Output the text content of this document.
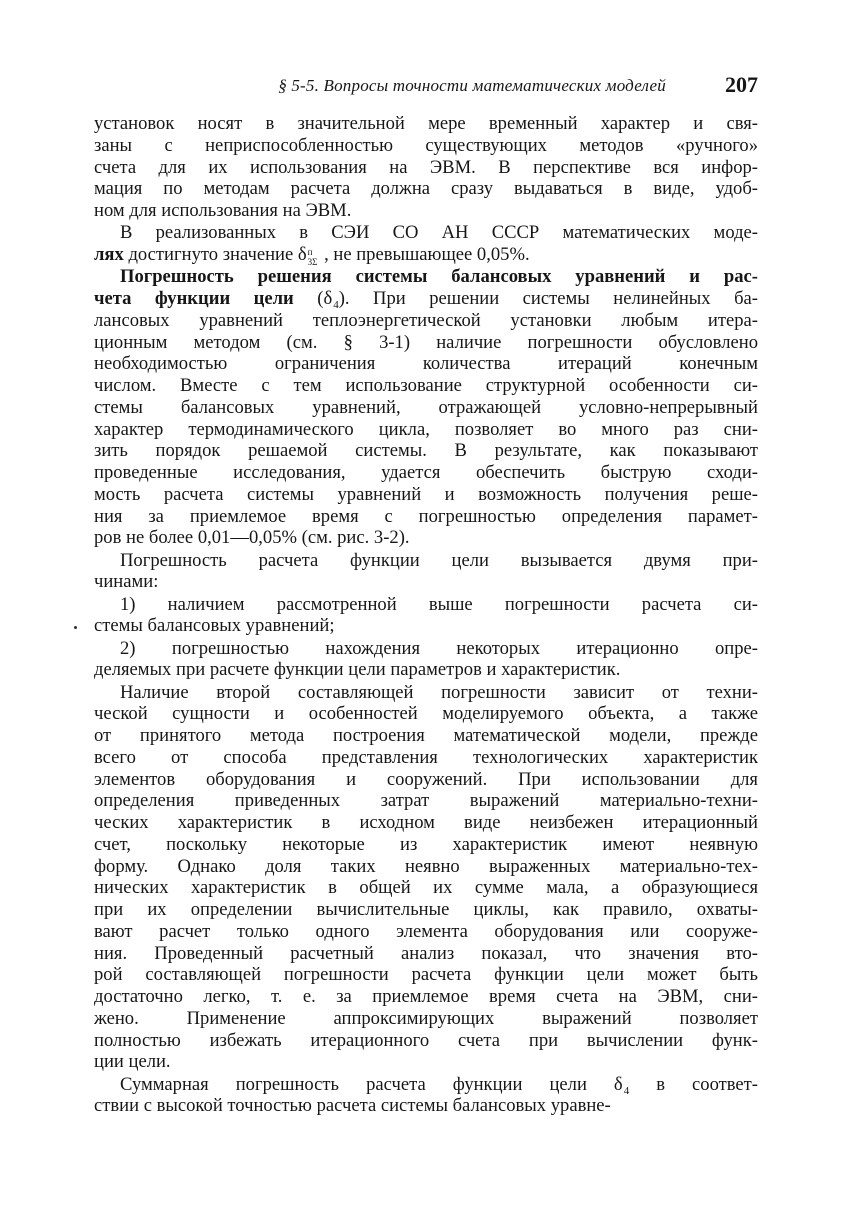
§ 5-5. Вопросы точности математических моделей	207
установок носят в значительной мере временный характер и свя-
заны с неприспособленностью существующих методов «ручного»
счета для их использования на ЭВМ. В перспективе вся инфор-
мация по методам расчета должна сразу выдаваться в виде, удоб-
ном для использования на ЭВМ.
В реализованных в СЭИ СО АН СССР математических моде-
лях достигнуто значение δ п
3Σ , не превышающее 0,05%.
Погрешность решения системы балансовых уравнений и рас-
чета функции цели (δ4). При решении системы нелинейных ба-
лансовых уравнений теплоэнергетической установки любым итера-
ционным методом (см. § 3-1) наличие погрешности обусловлено
необходимостью ограничения количества итераций конечным
числом. Вместе с тем использование структурной особенности си-
стемы балансовых уравнений, отражающей условно-непрерывный
характер термодинамического цикла, позволяет во много раз сни-
зить порядок решаемой системы. В результате, как показывают
проведенные исследования, удается обеспечить быструю сходи-
мость расчета системы уравнений и возможность получения реше-
ния за приемлемое время с погрешностью определения парамет-
ров не более 0,01—0,05% (см. рис. 3-2).
Погрешность расчета функции цели вызывается двумя при-
чинами:
1) наличием рассмотренной выше погрешности расчета си-
стемы балансовых уравнений;
2) погрешностью нахождения некоторых итерационно опре-
деляемых при расчете функции цели параметров и характеристик.
Наличие второй составляющей погрешности зависит от техни-
ческой сущности и особенностей моделируемого объекта, а также
от принятого метода построения математической модели, прежде
всего от способа представления технологических характеристик
элементов оборудования и сооружений. При использовании для
определения приведенных затрат выражений материально-техни-
ческих характеристик в исходном виде неизбежен итерационный
счет, поскольку некоторые из характеристик имеют неявную
форму. Однако доля таких неявно выраженных материально-тех-
нических характеристик в общей их сумме мала, а образующиеся
при их определении вычислительные циклы, как правило, охваты-
вают расчет только одного элемента оборудования или сооруже-
ния. Проведенный расчетный анализ показал, что значения вто-
рой составляющей погрешности расчета функции цели может быть
достаточно легко, т. е. за приемлемое время счета на ЭВМ, сни-
жено. Применение аппроксимирующих выражений позволяет
полностью избежать итерационного счета при вычислении функ-
ции цели.
Суммарная погрешность расчета функции цели δ4 в соответ-
ствии с высокой точностью расчета системы балансовых уравне-
